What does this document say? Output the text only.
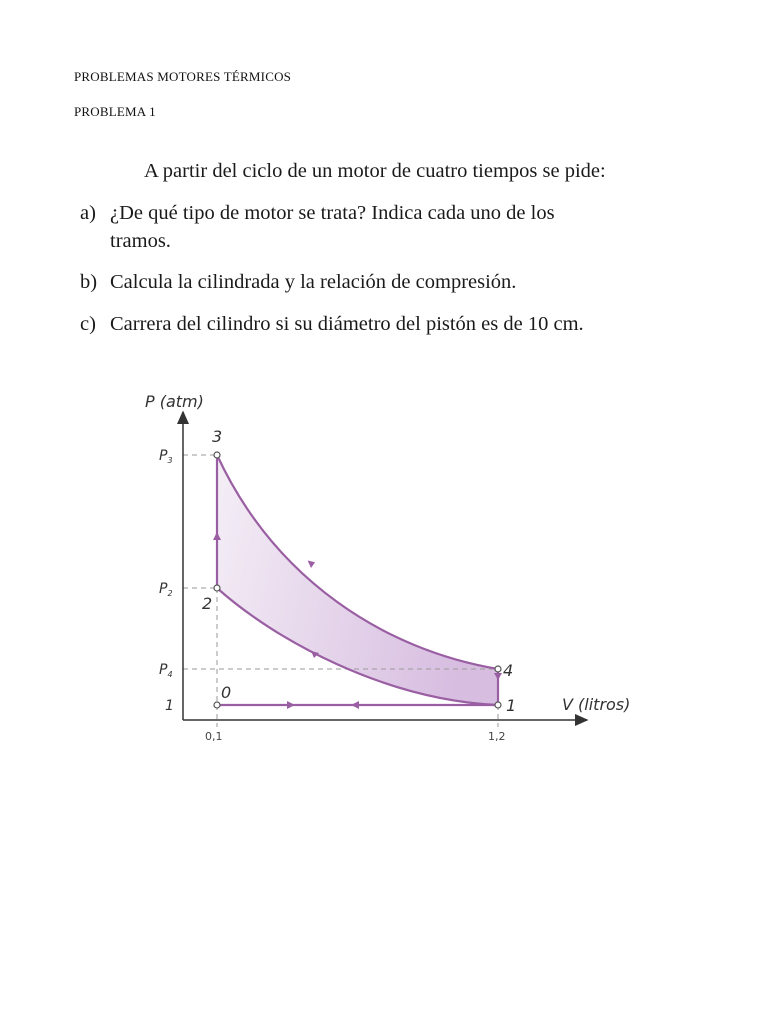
PROBLEMAS MOTORES TÉRMICOS
PROBLEMA 1
A partir del ciclo de un motor de cuatro tiempos se pide:
a) ¿De qué tipo de motor se trata? Indica cada uno de los
tramos.
b) Calcula la cilindrada y la relación de compresión.
c) Carrera del cilindro si su diámetro del pistón es de 10 cm.
P (atm)
V (litros)
$P_3$
$P_2$
$P_4$
1
0,1	1,2
3
2
0
4
1
